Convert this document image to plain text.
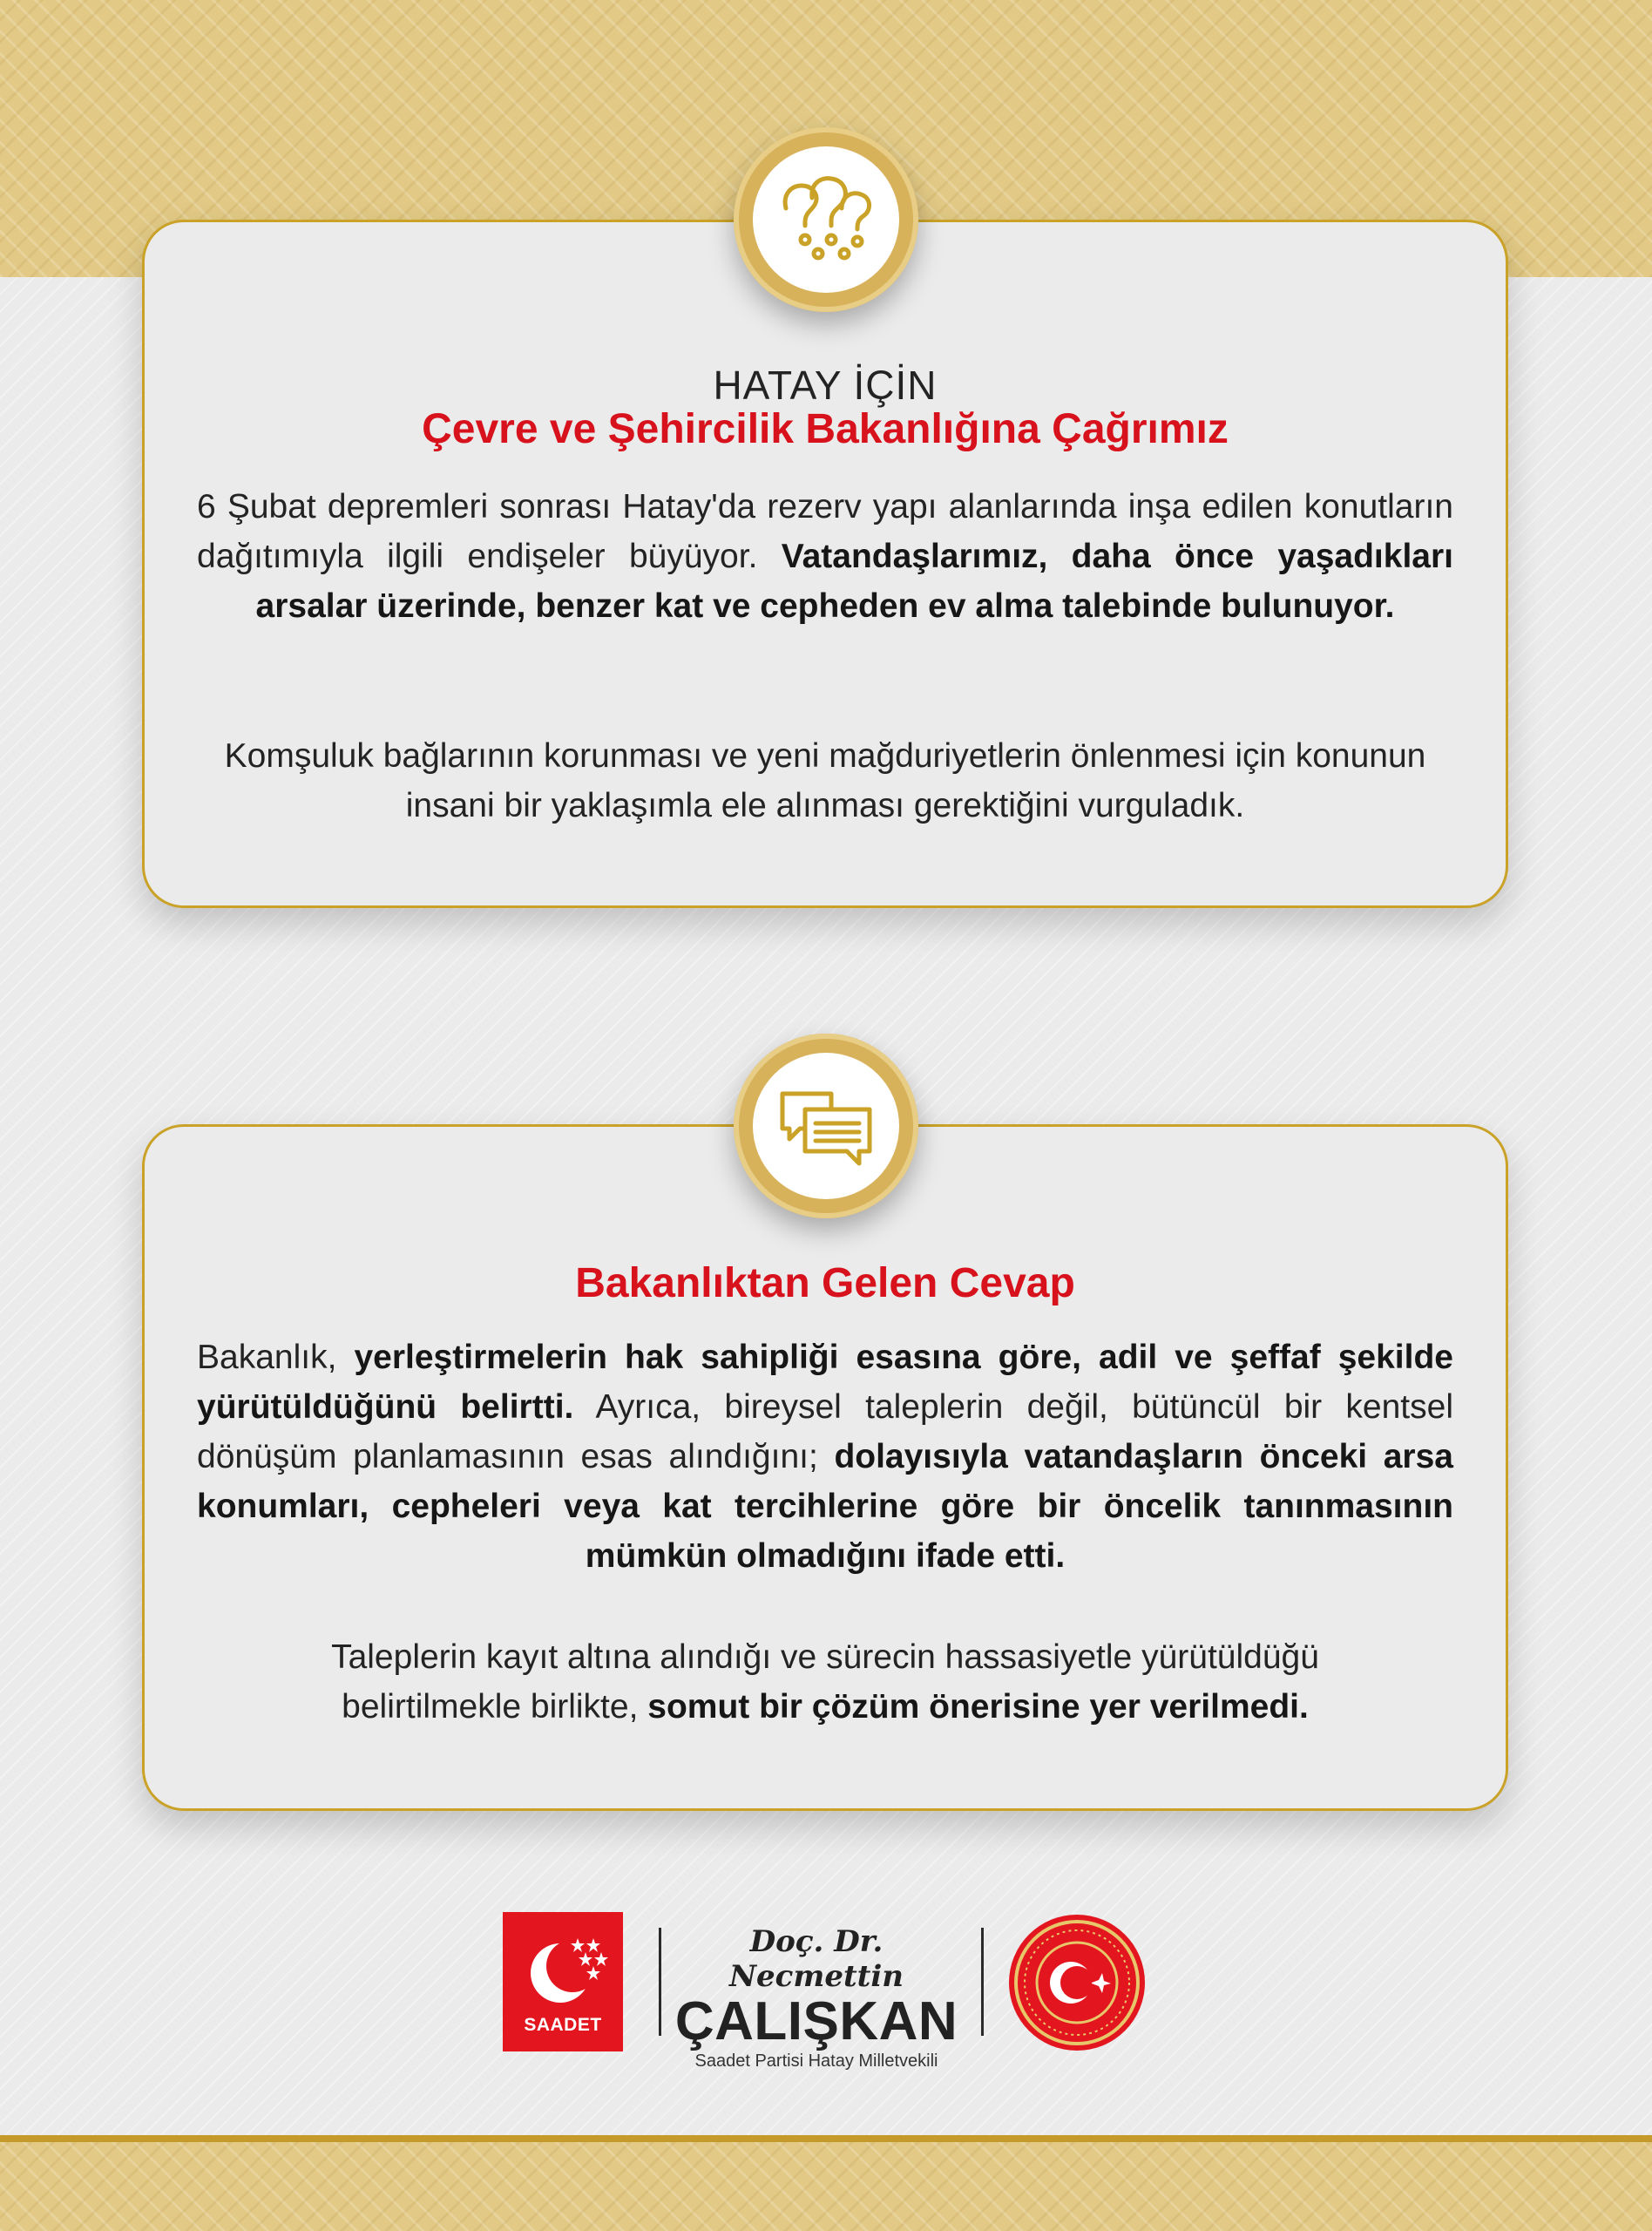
HATAY İÇİN
Çevre ve Şehircilik Bakanlığına Çağrımız
6 Şubat depremleri sonrası Hatay'da rezerv yapı alanlarında inşa edilen konutların dağıtımıyla ilgili endişeler büyüyor. Vatandaşlarımız, daha önce yaşadıkları arsalar üzerinde, benzer kat ve cepheden ev alma talebinde bulunuyor.
Komşuluk bağlarının korunması ve yeni mağduriyetlerin önlenmesi için konunun insani bir yaklaşımla ele alınması gerektiğini vurguladık.
Bakanlıktan Gelen Cevap
Bakanlık, yerleştirmelerin hak sahipliği esasına göre, adil ve şeffaf şekilde yürütüldüğünü belirtti. Ayrıca, bireysel taleplerin değil, bütüncül bir kentsel dönüşüm planlamasının esas alındığını; dolayısıyla vatandaşların önceki arsa konumları, cepheleri veya kat tercihlerine göre bir öncelik tanınmasının mümkün olmadığını ifade etti.
Taleplerin kayıt altına alındığı ve sürecin hassasiyetle yürütüldüğü belirtilmekle birlikte, somut bir çözüm önerisine yer verilmedi.
SAADET
Doç. Dr. Necmettin
ÇALIŞKAN
Saadet Partisi Hatay Milletvekili
